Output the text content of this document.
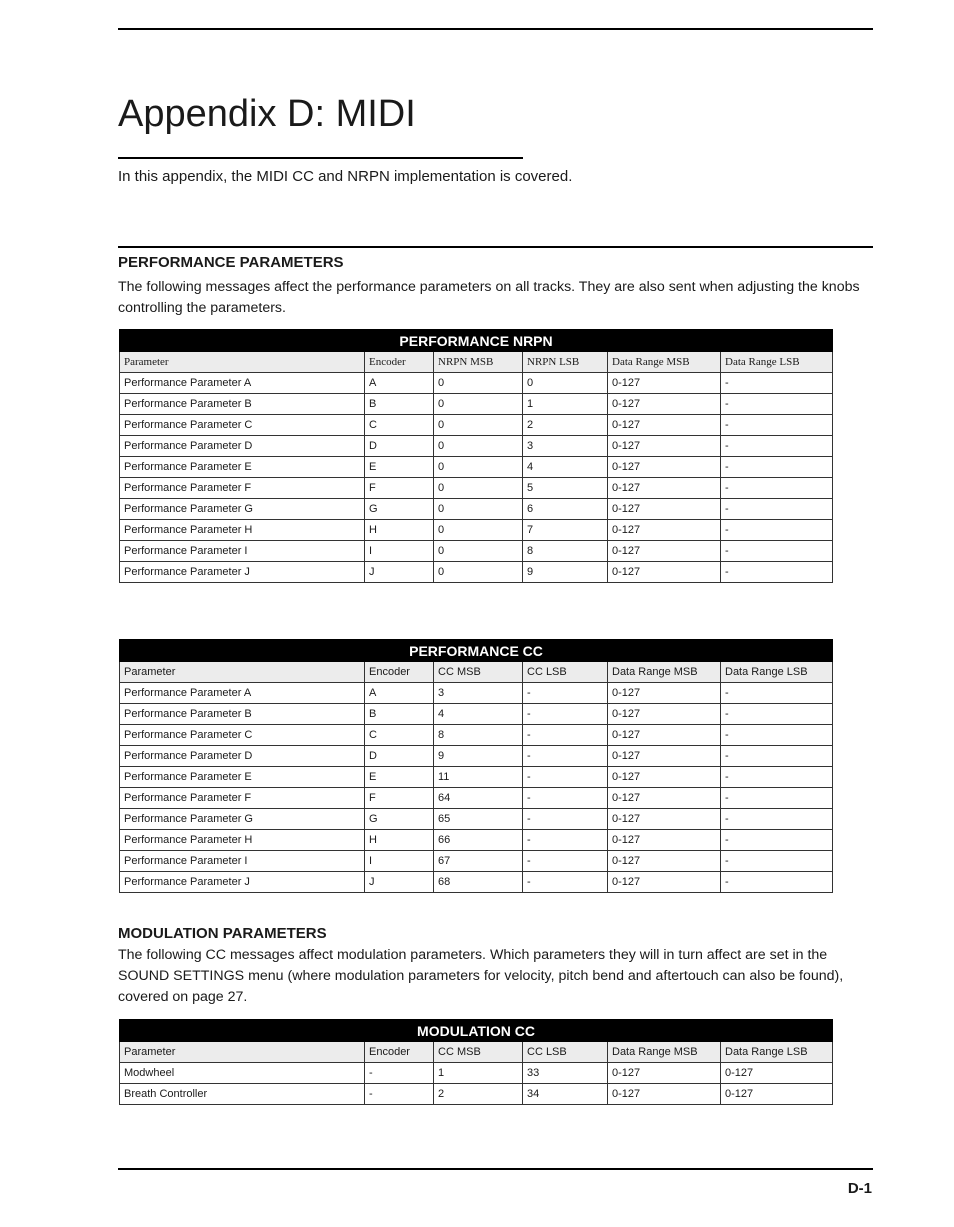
Appendix D: MIDI

In this appendix, the MIDI CC and NRPN implementation is covered.

PERFORMANCE PARAMETERS

The following messages affect the performance parameters on all tracks. They are also sent when adjusting the knobs controlling the parameters.

PERFORMANCE NRPN					
Parameter	Encoder	NRPN MSB	NRPN LSB	Data Range MSB	Data Range LSB
Performance Parameter A	A	0	0	0-127	-
Performance Parameter B	B	0	1	0-127	-
Performance Parameter C	C	0	2	0-127	-
Performance Parameter D	D	0	3	0-127	-
Performance Parameter E	E	0	4	0-127	-
Performance Parameter F	F	0	5	0-127	-
Performance Parameter G	G	0	6	0-127	-
Performance Parameter H	H	0	7	0-127	-
Performance Parameter I	I	0	8	0-127	-
Performance Parameter J	J	0	9	0-127	-
PERFORMANCE CC					
Parameter	Encoder	CC MSB	CC LSB	Data Range MSB	Data Range LSB
Performance Parameter A	A	3	-	0-127	-
Performance Parameter B	B	4	-	0-127	-
Performance Parameter C	C	8	-	0-127	-
Performance Parameter D	D	9	-	0-127	-
Performance Parameter E	E	11	-	0-127	-
Performance Parameter F	F	64	-	0-127	-
Performance Parameter G	G	65	-	0-127	-
Performance Parameter H	H	66	-	0-127	-
Performance Parameter I	I	67	-	0-127	-
Performance Parameter J	J	68	-	0-127	-
MODULATION PARAMETERS

The following CC messages affect modulation parameters. Which parameters they will in turn affect are set in the SOUND SETTINGS menu (where modulation parameters for velocity, pitch bend and aftertouch can also be found), covered on page 27.

MODULATION CC					
Parameter	Encoder	CC MSB	CC LSB	Data Range MSB	Data Range LSB
Modwheel	-	1	33	0-127	0-127
Breath Controller	-	2	34	0-127	0-127
D-1
